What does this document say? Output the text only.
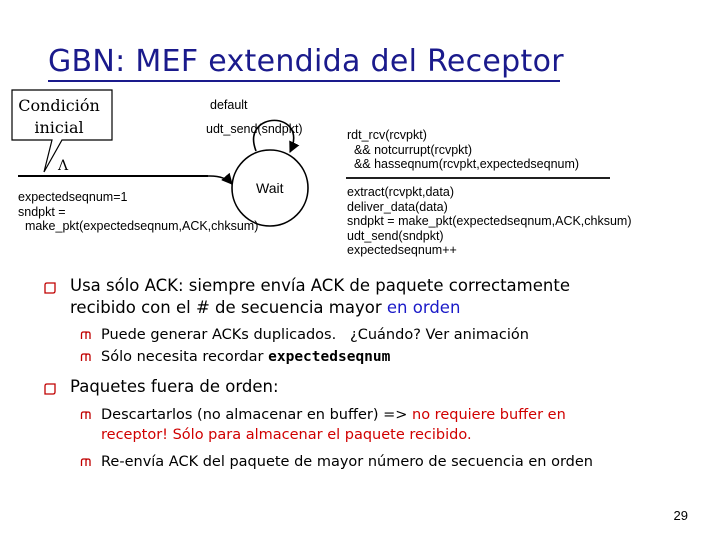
GBN: MEF extendida del Receptor
Condición
inicial
Λ
expectedseqnum=1
sndpkt =
make_pkt(expectedseqnum,ACK,chksum)
Wait
default
udt_send(sndpkt)	rdt_rcv(rcvpkt)
&& notcurrupt(rcvpkt)
&& hasseqnum(rcvpkt,expectedseqnum)
extract(rcvpkt,data)
deliver_data(data)
sndpkt = make_pkt(expectedseqnum,ACK,chksum)
udt_send(sndpkt)
expectedseqnum++
Usa sólo ACK: siempre envía ACK de paquete correctamente
recibido con el # de secuencia mayor en orden
Puede generar ACKs duplicados. ¿Cuándo? Ver animación
Sólo necesita recordar expectedseqnum
Paquetes fuera de orden:
Descartarlos (no almacenar en buffer) => no requiere buffer en
receptor! Sólo para almacenar el paquete recibido.
Re-envía ACK del paquete de mayor número de secuencia en orden
29
